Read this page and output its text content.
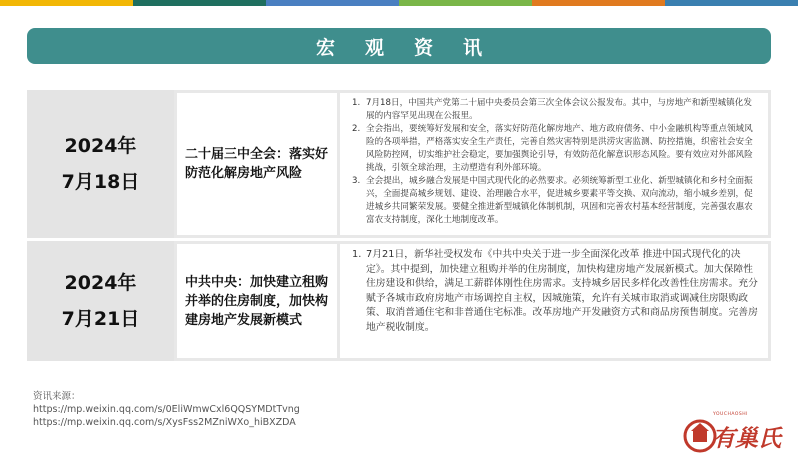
宏观资讯
2024年
7月18日
二十届三中全会：落实好防范化解房地产风险
1. 7月18日，中国共产党第二十届中央委员会第三次全体会议公报发布。其中，与房地产和新型城镇化发展的内容罕见出现在公报里。
2. 全会指出，要统筹好发展和安全，落实好防范化解房地产、地方政府债务、中小金融机构等重点领域风险的各项举措，严格落实安全生产责任，完善自然灾害特别是洪涝灾害监测、防控措施，织密社会安全风险防控网，切实维护社会稳定，要加强舆论引导，有效防范化解意识形态风险。要有效应对外部风险挑战，引领全球治理，主动塑造有利外部环境。
3. 全会提出，城乡融合发展是中国式现代化的必然要求。必须统筹新型工业化、新型城镇化和乡村全面振兴，全面提高城乡规划、建设、治理融合水平，促进城乡要素平等交换、双向流动，缩小城乡差别，促进城乡共同繁荣发展。要健全推进新型城镇化体制机制，巩固和完善农村基本经营制度，完善强农惠农富农支持制度，深化土地制度改革。
2024年
7月21日
中共中央：加快建立租购并举的住房制度，加快构建房地产发展新模式
1. 7月21日，新华社受权发布《中共中央关于进一步全面深化改革 推进中国式现代化的决定》。其中提到，加快建立租购并举的住房制度，加快构建房地产发展新模式。加大保障性住房建设和供给，满足工薪群体刚性住房需求。支持城乡居民多样化改善性住房需求。充分赋予各城市政府房地产市场调控自主权，因城施策，允许有关城市取消或调减住房限购政策、取消普通住宅和非普通住宅标准。改革房地产开发融资方式和商品房预售制度。完善房地产税收制度。
资讯来源：
https://mp.weixin.qq.com/s/0EliWmwCxl6QQSYMDtTvng
https://mp.weixin.qq.com/s/XysFss2MZniWXo_hiBXZDA
YOUCHAOSHI
有巢氏
